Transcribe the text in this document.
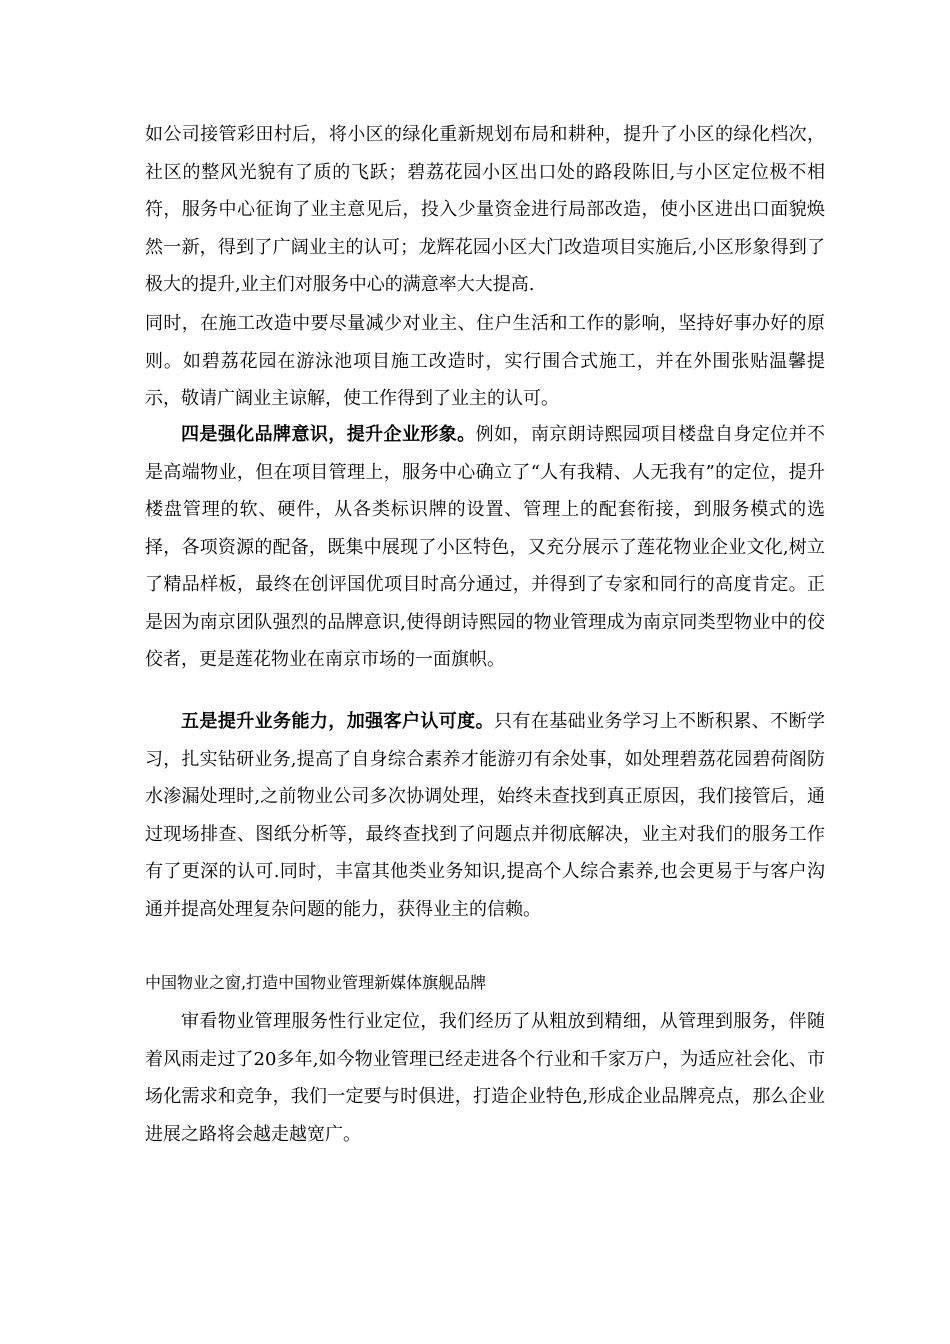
如公司接管彩田村后，将小区的绿化重新规划布局和耕种，提升了小区的绿化档次，社区的整风光貌有了质的飞跃；碧荔花园小区出口处的路段陈旧,与小区定位极不相符，服务中心征询了业主意见后，投入少量资金进行局部改造，使小区进出口面貌焕然一新，得到了广阔业主的认可；龙辉花园小区大门改造项目实施后,小区形象得到了极大的提升,业主们对服务中心的满意率大大提高.

同时，在施工改造中要尽量减少对业主、住户生活和工作的影响，坚持好事办好的原则。如碧荔花园在游泳池项目施工改造时，实行围合式施工，并在外围张贴温馨提示，敬请广阔业主谅解，使工作得到了业主的认可。

四是强化品牌意识，提升企业形象。例如，南京朗诗熙园项目楼盘自身定位并不是高端物业，但在项目管理上，服务中心确立了“人有我精、人无我有”的定位，提升楼盘管理的软、硬件，从各类标识牌的设置、管理上的配套衔接，到服务模式的选择，各项资源的配备，既集中展现了小区特色，又充分展示了莲花物业企业文化,树立了精品样板，最终在创评国优项目时高分通过，并得到了专家和同行的高度肯定。正是因为南京团队强烈的品牌意识,使得朗诗熙园的物业管理成为南京同类型物业中的佼佼者，更是莲花物业在南京市场的一面旗帜。

五是提升业务能力，加强客户认可度。只有在基础业务学习上不断积累、不断学习，扎实钻研业务,提高了自身综合素养才能游刃有余处事，如处理碧荔花园碧荷阁防水渗漏处理时,之前物业公司多次协调处理，始终未查找到真正原因，我们接管后，通过现场排查、图纸分析等，最终查找到了问题点并彻底解决，业主对我们的服务工作有了更深的认可.同时，丰富其他类业务知识,提高个人综合素养,也会更易于与客户沟通并提高处理复杂问题的能力，获得业主的信赖。

中国物业之窗,打造中国物业管理新媒体旗舰品牌

审看物业管理服务性行业定位，我们经历了从粗放到精细，从管理到服务，伴随着风雨走过了20多年,如今物业管理已经走进各个行业和千家万户，为适应社会化、市场化需求和竞争，我们一定要与时俱进，打造企业特色,形成企业品牌亮点，那么企业进展之路将会越走越宽广。
